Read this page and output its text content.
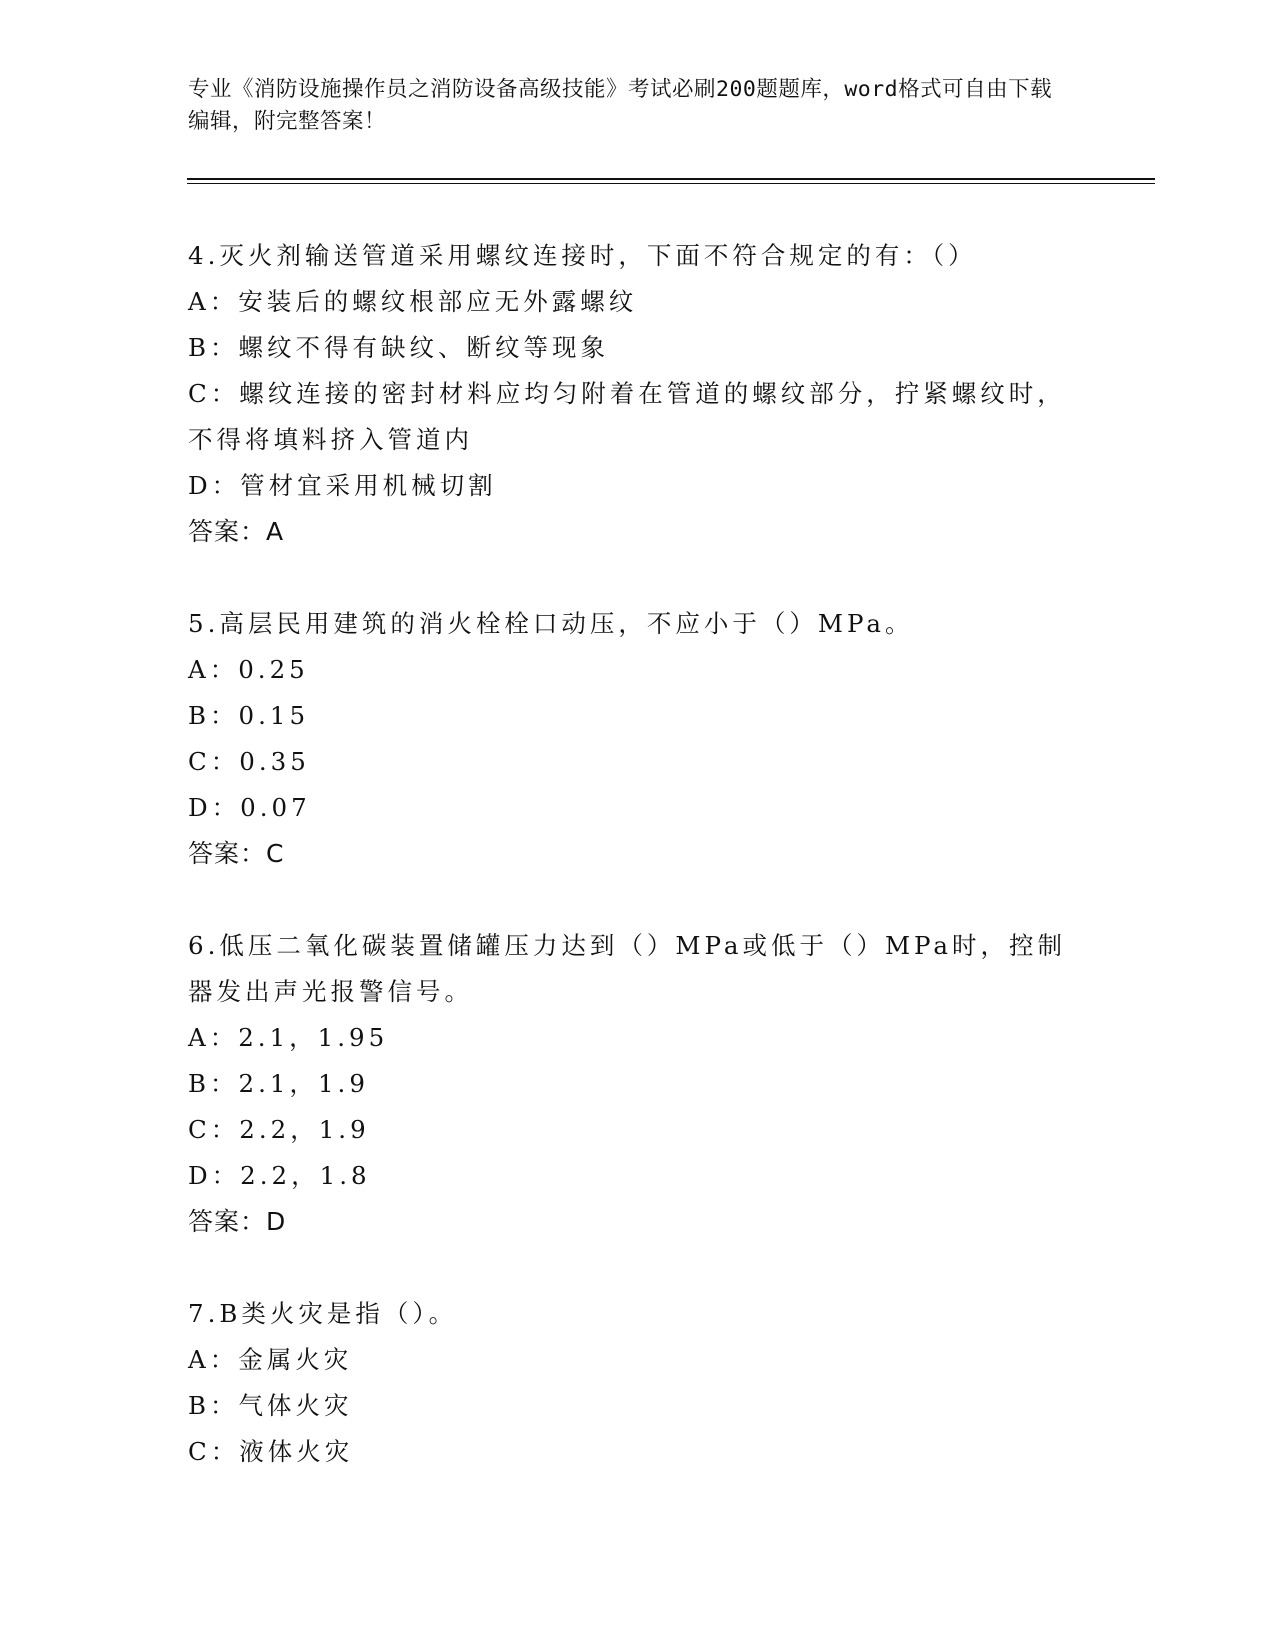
专业《消防设施操作员之消防设备高级技能》考试必刷200题题库，word格式可自由下载编辑，附完整答案！
4.灭火剂输送管道采用螺纹连接时，下面不符合规定的有：（）
A：安装后的螺纹根部应无外露螺纹
B：螺纹不得有缺纹、断纹等现象
C：螺纹连接的密封材料应均匀附着在管道的螺纹部分，拧紧螺纹时，不得将填料挤入管道内
D：管材宜采用机械切割
答案：A
5.高层民用建筑的消火栓栓口动压，不应小于（）MPa。
A：0.25
B：0.15
C：0.35
D：0.07
答案：C
6.低压二氧化碳装置储罐压力达到（）MPa或低于（）MPa时，控制器发出声光报警信号。
A：2.1，1.95
B：2.1，1.9
C：2.2，1.9
D：2.2，1.8
答案：D
7.B类火灾是指（）。
A：金属火灾
B：气体火灾
C：液体火灾
